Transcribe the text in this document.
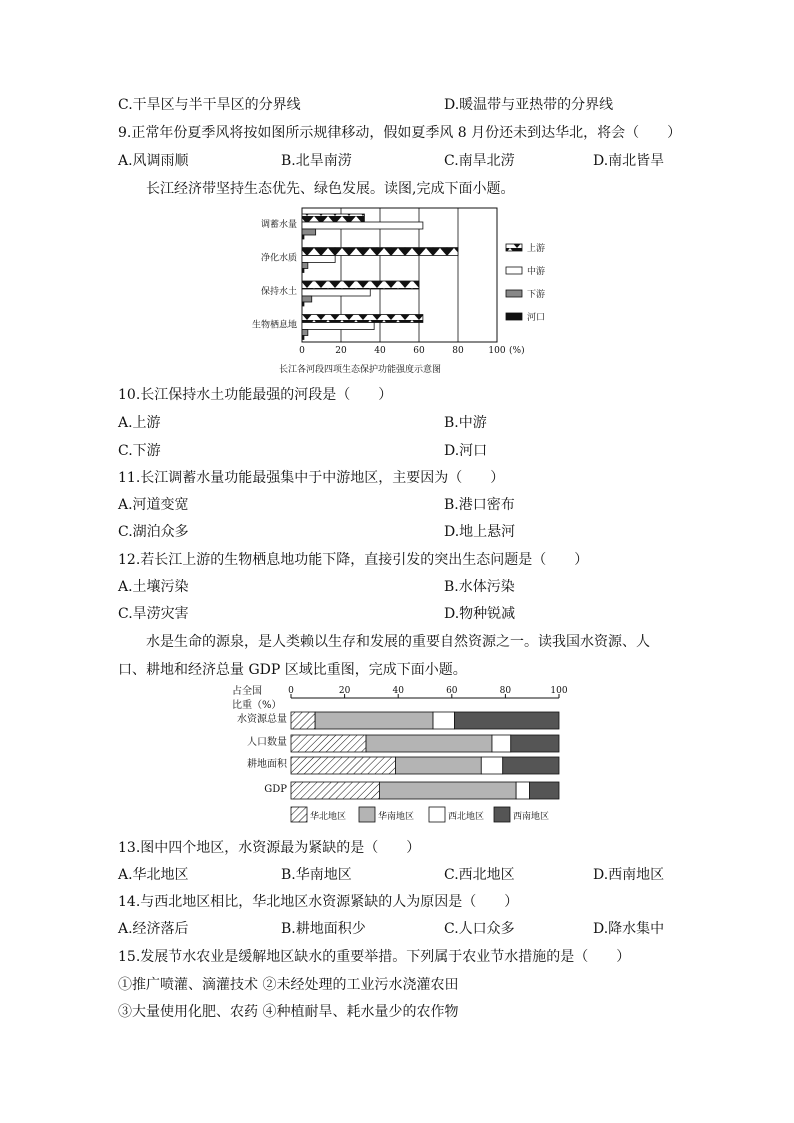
C.干旱区与半干旱区的分界线	D.暖温带与亚热带的分界线
9.正常年份夏季风将按如图所示规律移动，假如夏季风 8 月份还未到达华北，将会（　　）
A.风调雨顺	B.北旱南涝	C.南旱北涝	D.南北皆旱
长江经济带坚持生态优先、绿色发展。读图,完成下面小题。
0	20	40	60	80	100 (%)
调蓄水量
净化水质
保持水土
生物栖息地
上游
中游
下游
河口
长江各河段四项生态保护功能强度示意图
10.长江保持水土功能最强的河段是（　　）
A.上游	B.中游
C.下游	D.河口
11.长江调蓄水量功能最强集中于中游地区，主要因为（　　）
A.河道变宽	B.港口密布
C.湖泊众多	D.地上悬河
12.若长江上游的生物栖息地功能下降，直接引发的突出生态问题是（　　）
A.土壤污染	B.水体污染
C.旱涝灾害	D.物种锐减
水是生命的源泉，是人类赖以生存和发展的重要自然资源之一。读我国水资源、人
口、耕地和经济总量 GDP 区域比重图，完成下面小题。
占全国
比重（%）
0	20	40	60	80	100
水资源总量
人口数量
耕地面积
GDP
华北地区	华南地区	西北地区	西南地区
13.图中四个地区，水资源最为紧缺的是（　　）
A.华北地区	B.华南地区	C.西北地区	D.西南地区
14.与西北地区相比，华北地区水资源紧缺的人为原因是（　　）
A.经济落后	B.耕地面积少	C.人口众多	D.降水集中
15.发展节水农业是缓解地区缺水的重要举措。下列属于农业节水措施的是（　　）
①推广喷灌、滴灌技术 ②未经处理的工业污水浇灌农田
③大量使用化肥、农药 ④种植耐旱、耗水量少的农作物
